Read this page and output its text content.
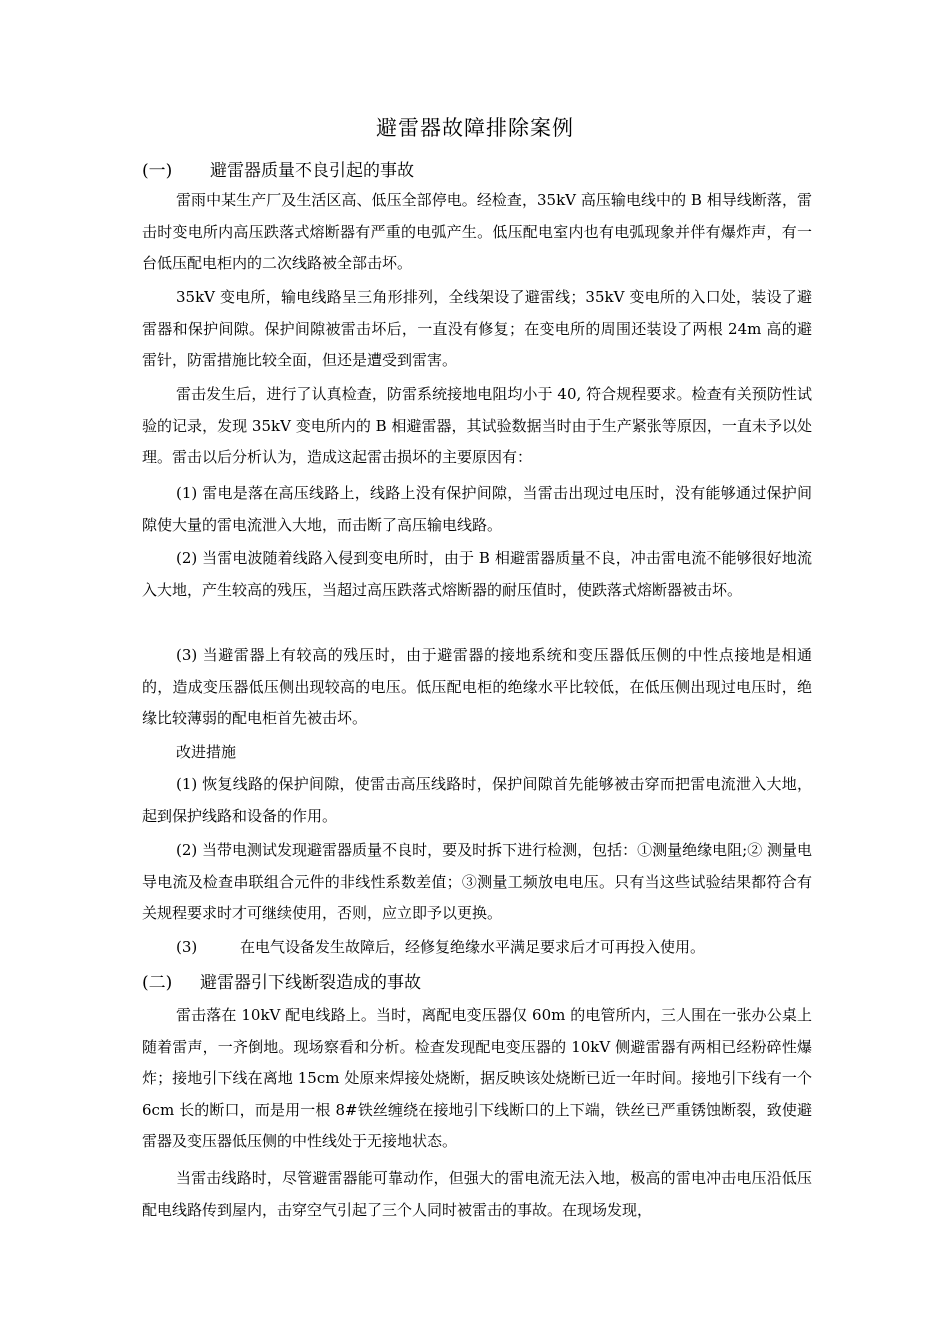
避雷器故障排除案例
(一) 避雷器质量不良引起的事故
雷雨中某生产厂及生活区高、低压全部停电。经检查，35kV 高压输电线中的 B 相导线断落，雷击时变电所内高压跌落式熔断器有严重的电弧产生。低压配电室内也有电弧现象并伴有爆炸声，有一台低压配电柜内的二次线路被全部击坏。
35kV 变电所，输电线路呈三角形排列，全线架设了避雷线；35kV 变电所的入口处，装设了避雷器和保护间隙。保护间隙被雷击坏后，一直没有修复；在变电所的周围还装设了两根 24m 高的避雷针，防雷措施比较全面，但还是遭受到雷害。
雷击发生后，进行了认真检查，防雷系统接地电阻均小于 40, 符合规程要求。检查有关预防性试验的记录，发现 35kV 变电所内的 B 相避雷器，其试验数据当时由于生产紧张等原因，一直未予以处理。雷击以后分析认为，造成这起雷击损坏的主要原因有：
(1) 雷电是落在高压线路上，线路上没有保护间隙，当雷击出现过电压时，没有能够通过保护间隙使大量的雷电流泄入大地，而击断了高压输电线路。
(2) 当雷电波随着线路入侵到变电所时，由于 B 相避雷器质量不良，冲击雷电流不能够很好地流入大地，产生较高的残压，当超过高压跌落式熔断器的耐压值时，使跌落式熔断器被击坏。
(3) 当避雷器上有较高的残压时，由于避雷器的接地系统和变压器低压侧的中性点接地是相通的，造成变压器低压侧出现较高的电压。低压配电柜的绝缘水平比较低，在低压侧出现过电压时，绝缘比较薄弱的配电柜首先被击坏。
改进措施
(1) 恢复线路的保护间隙，使雷击高压线路时，保护间隙首先能够被击穿而把雷电流泄入大地，起到保护线路和设备的作用。
(2) 当带电测试发现避雷器质量不良时，要及时拆下进行检测，包括：①测量绝缘电阻;② 测量电导电流及检查串联组合元件的非线性系数差值；③测量工频放电电压。只有当这些试验结果都符合有关规程要求时才可继续使用，否则，应立即予以更换。
(3)	在电气设备发生故障后，经修复绝缘水平满足要求后才可再投入使用。
(二) 避雷器引下线断裂造成的事故
雷击落在 10kV 配电线路上。当时，离配电变压器仅 60m 的电管所内，三人围在一张办公桌上随着雷声，一齐倒地。现场察看和分析。检查发现配电变压器的 10kV 侧避雷器有两相已经粉碎性爆炸；接地引下线在离地 15cm 处原来焊接处烧断，据反映该处烧断已近一年时间。接地引下线有一个 6cm 长的断口，而是用一根 8#铁丝缠绕在接地引下线断口的上下端，铁丝已严重锈蚀断裂，致使避雷器及变压器低压侧的中性线处于无接地状态。
当雷击线路时，尽管避雷器能可靠动作，但强大的雷电流无法入地，极高的雷电冲击电压沿低压配电线路传到屋内，击穿空气引起了三个人同时被雷击的事故。在现场发现，
